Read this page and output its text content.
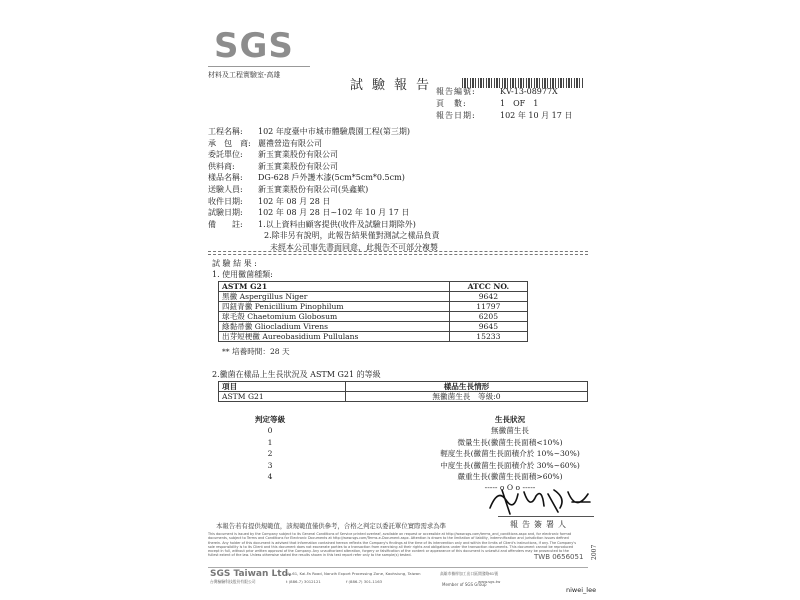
SGS
材料及工程實驗室-高雄
試驗報告
報告編號:	KV-13-08977X
頁　數:	1　OF　1
報告日期:	102 年 10 月 17 日
工程名稱:	102 年度臺中市城市體驗農園工程(第三期)
承　包　商: 麗禮營造有限公司
委託單位:	新玉實業股份有限公司
供料商:	新玉實業股份有限公司
樣品名稱:	DG-628 戶外護木漆(5cm*5cm*0.5cm)
送驗人員:	新玉實業股份有限公司(吳鑫歎)
收件日期:	102 年 08 月 28 日
試驗日期:	102 年 08 月 28 日~102 年 10 月 17 日
備　　註:	1.以上資料由顧客提供(收件及試驗日期除外)
2.除非另有說明，此報告結果僅對測試之樣品負責
未經本公司事先書面同意，此報告不可部分複製
試 驗 結 果 :
1. 使用黴菌種類:
ASTM G21	ATCC NO.
黑黴 Aspergillus Niger	9642
四鈕青黴 Penicillium Pinophilum	11797
球毛殼 Chaetomium Globosum	6205
綠黏帚黴 Gliocladium Virens	9645
出芽短梗黴 Aureobasidium Pullulans	15233
** 培養時間：28 天
2.黴菌在樣品上生長狀況及 ASTM G21 的等級
項目	樣品生長情形
ASTM G21	無黴菌生長　等級:0
判定等級	生長狀況
0	無黴菌生長
1	微量生長(黴菌生長面積<10%)
2	輕度生長(黴菌生長面積介於 10%~30%)
3	中度生長(黴菌生長面積介於 30%~60%)
4	嚴重生長(黴菌生長面積>60%)
----- o O o -----
報告簽署人
本報告若有提供規範值，該規範值僅供參考，合格之判定以委託單位實際需求為準
This document is issued by the Company subject to its General Conditions of Service printed overleaf, available on request or accessible at http://www.sgs.com/terms_and_conditions.aspx and, for electronic format documents, subject to Terms and Conditions for Electronic Documents at http://www.sgs.com/Terms-e-Document.aspx. Attention is drawn to the limitation of liability, indemnification and jurisdiction issues defined therein. Any holder of this document is advised that information contained hereon reflects the Company's findings at the time of its intervention only and within the limits of Client's instructions, if any. The Company's sole responsibility is to its Client and this document does not exonerate parties to a transaction from exercising all their rights and obligations under the transaction documents. This document cannot be reproduced except in full, without prior written approval of the Company. Any unauthorized alteration, forgery or falsification of the content or appearance of this document is unlawful and offenders may be prosecuted to the fullest extent of the law. Unless otherwise stated the results shown in this test report refer only to the sample(s) tested.	TWB 0656051 2007
SGS Taiwan Ltd.
台灣檢驗科技股份有限公司
No.61, Kai-Fa Road, Nanzih Export Processing Zone, Kaohsiung, Taiwan
t (886-7) 3012121	f (886-7) 301-1163
高雄市楠梓加工出口區開發路61號
www.sgs.tw
Member of SGS Group
niwei_lee
